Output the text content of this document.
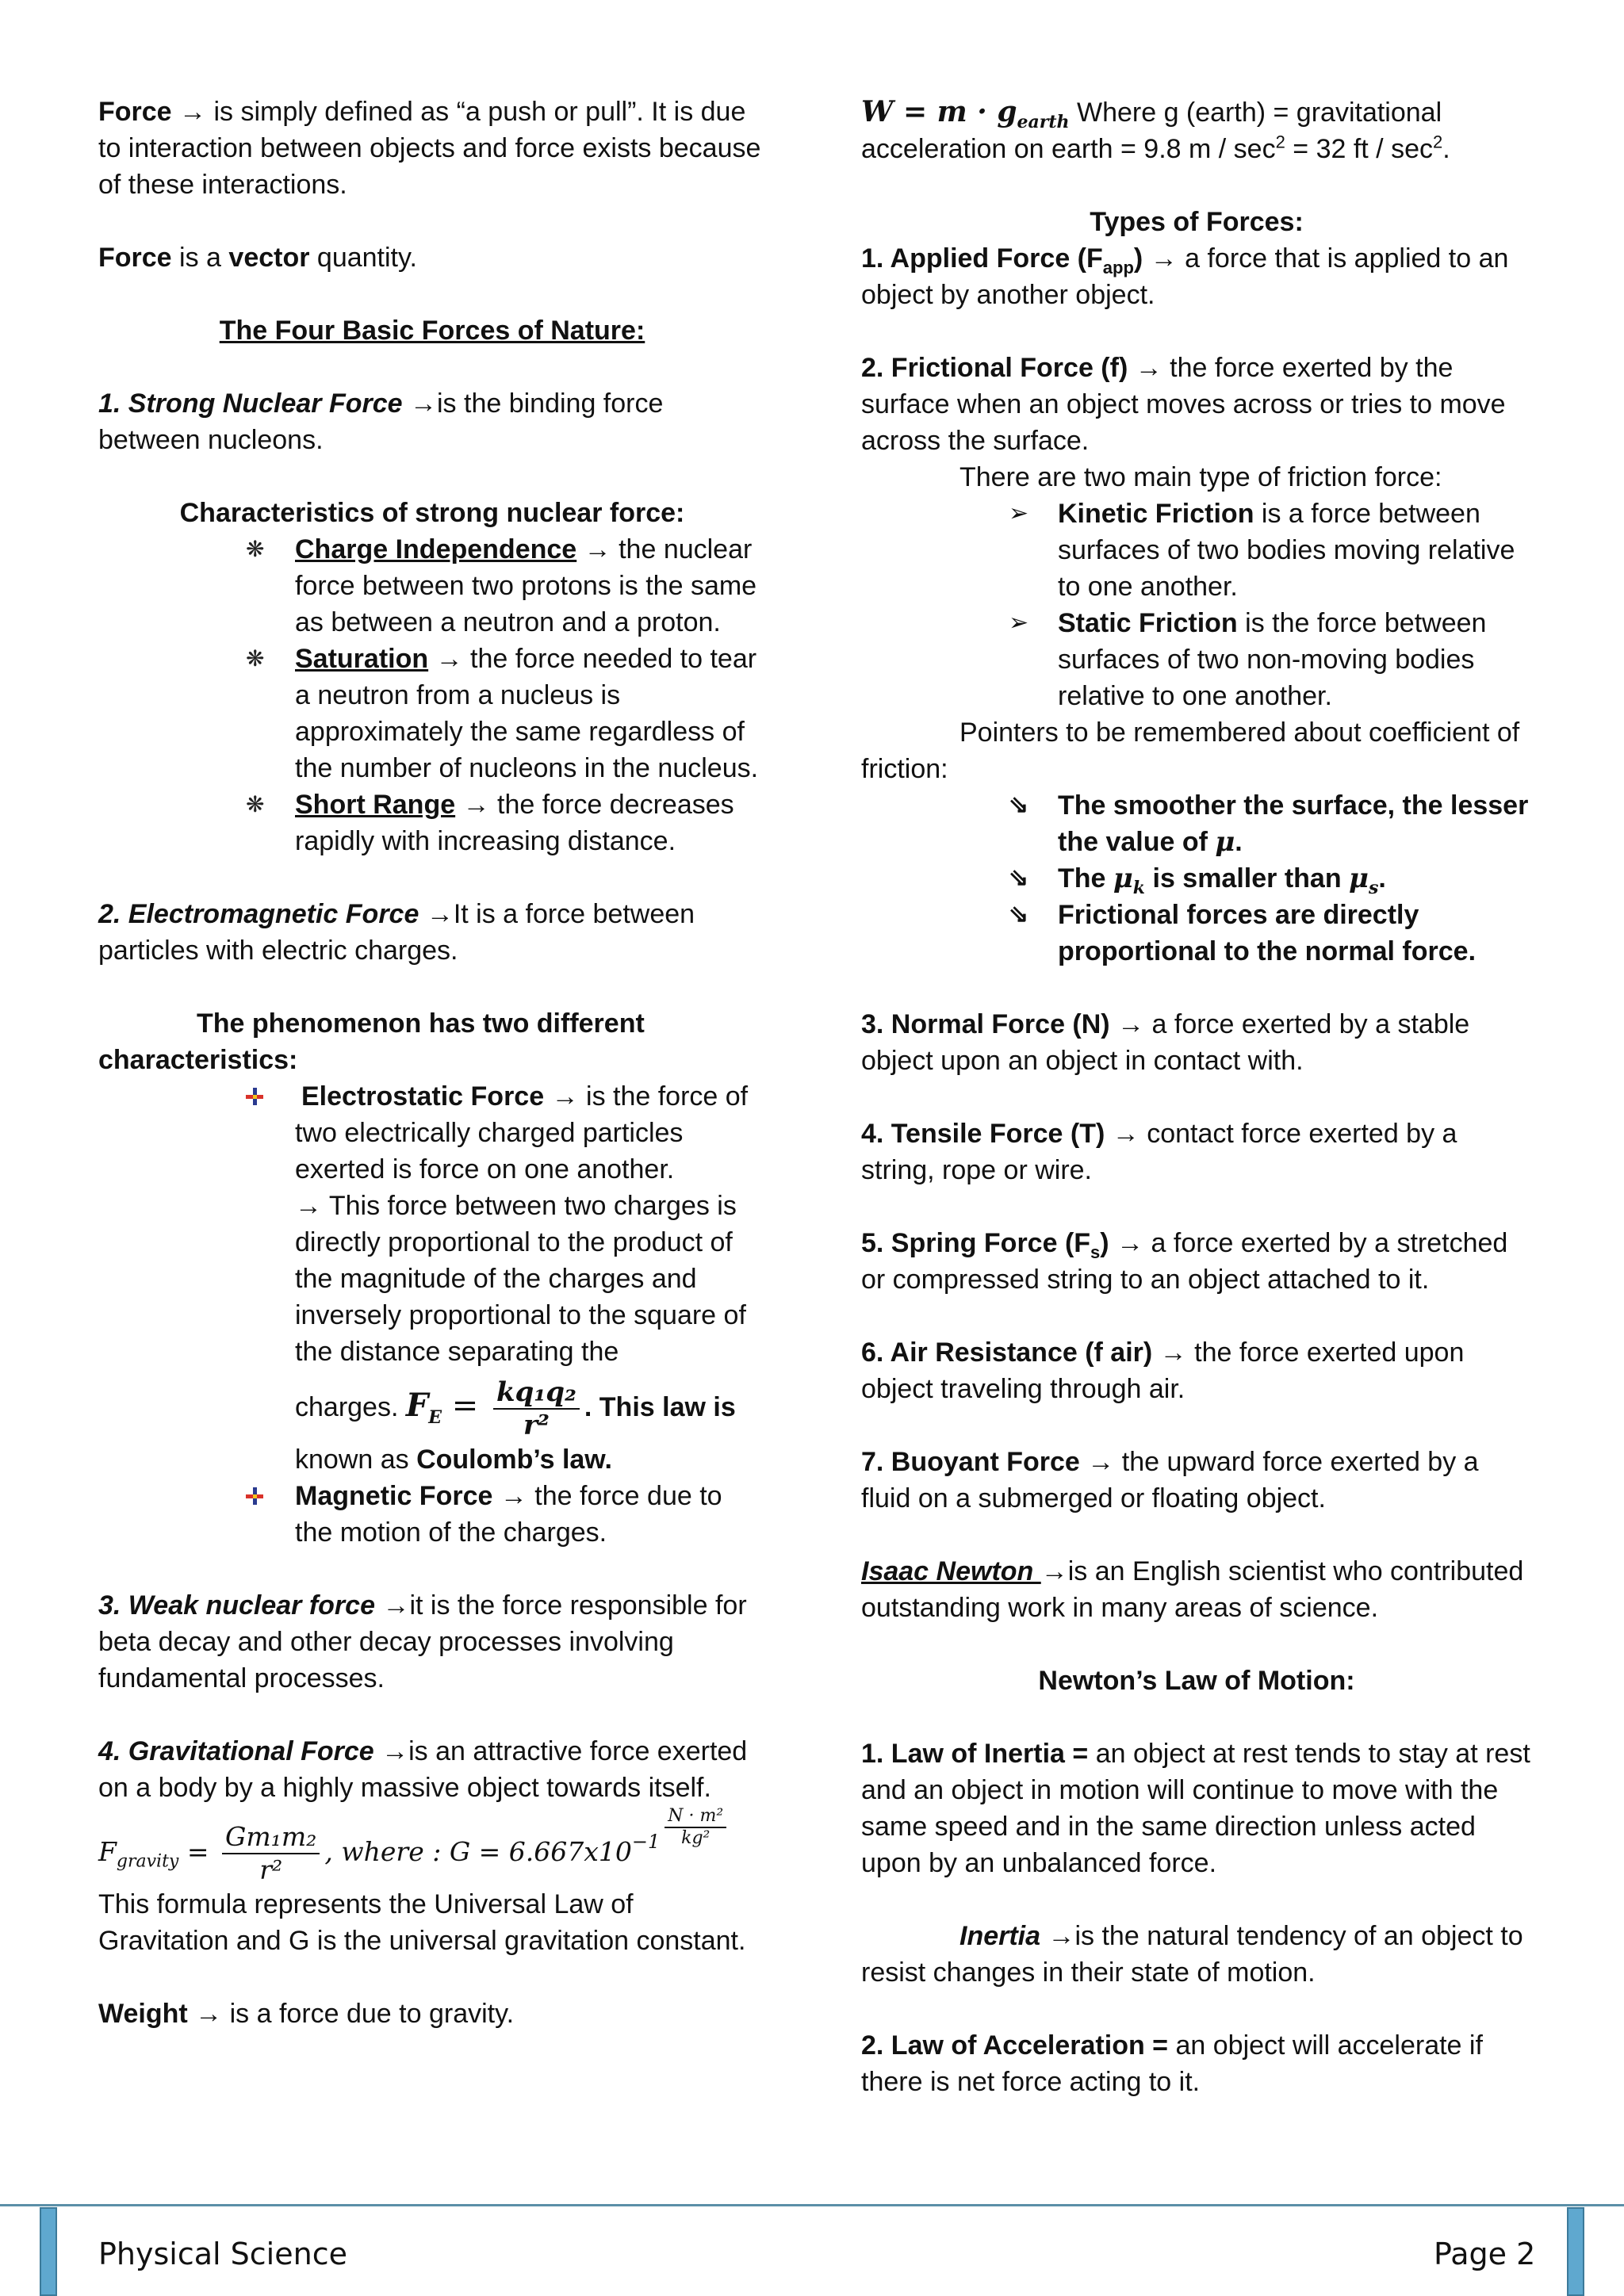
Force → is simply defined as “a push or pull”. It is due to interaction between objects and force exists because of these interactions.

Force is a vector quantity.

The Four Basic Forces of Nature:

1. Strong Nuclear Force →is the binding force between nucleons.

Characteristics of strong nuclear force:

❋ Charge Independence → the nuclear force between two protons is the same as between a neutron and a proton.
❋ Saturation → the force needed to tear a neutron from a nucleus is approximately the same regardless of the number of nucleons in the nucleus.
❋ Short Range → the force decreases rapidly with increasing distance.

2. Electromagnetic Force →It is a force between particles with electric charges.

The phenomenon has two different
characteristics:

Electrostatic Force → is the force of two electrically charged particles exerted is force on one another.
→ This force between two charges is directly proportional to the product of the magnitude of the charges and inversely proportional to the square of the distance separating the
charges. $F_E = \frac{\text{kq₁q₂}}{\text{r²}}$ . This law is
known as Coulomb’s law.
Magnetic Force → the force due to the motion of the charges.

3. Weak nuclear force →it is the force responsible for beta decay and other decay processes involving fundamental processes.

4. Gravitational Force →is an attractive force exerted on a body by a highly massive object towards itself.

$F_{gravity} = \frac{\text{Gm₁m₂}}{\text{r²}}$ , where : $G = 6.667x10^{-1} \frac{\text{N · m²}}{\text{kg²}}$

This formula represents the Universal Law of Gravitation and G is the universal gravitation constant.

Weight → is a force due to gravity.

$W = m \cdot g_{earth}$ Where g (earth) = gravitational acceleration on earth = 9.8 $m / \sec^2 = 32$ ft / $\sec^2$.

Types of Forces:

1. Applied Force $(F_{app}) \to a$ force that is applied to an object by another object.

2. Frictional Force (f) → the force exerted by the surface when an object moves across or tries to move across the surface.

There are two main type of friction force:

➢ Kinetic Friction is a force between surfaces of two bodies moving relative to one another.
➢ Static Friction is the force between surfaces of two non-moving bodies relative to one another.

Pointers to be remembered about coefficient of friction:

⇘ The smoother the surface, the lesser the value of μ.
⇘ The $\mu_k$ is smaller than $\mu_s$.
⇘ Frictional forces are directly proportional to the normal force.

3. Normal Force (N) → a force exerted by a stable object upon an object in contact with.

4. Tensile Force (T) → contact force exerted by a string, rope or wire.

5. Spring Force $(F_s) \to a$ force exerted by a stretched or compressed string to an object attached to it.

6. Air Resistance (f air) → the force exerted upon object traveling through air.

7. Buoyant Force → the upward force exerted by a fluid on a submerged or floating object.

Isaac Newton →is an English scientist who contributed outstanding work in many areas of science.

Newton’s Law of Motion:

1. Law of Inertia = an object at rest tends to stay at rest and an object in motion will continue to move with the same speed and in the same direction unless acted upon by an unbalanced force.

Inertia →is the natural tendency of an object to resist changes in their state of motion.

2. Law of Acceleration = an object will accelerate if there is net force acting to it.

Physical Science	Page 2
